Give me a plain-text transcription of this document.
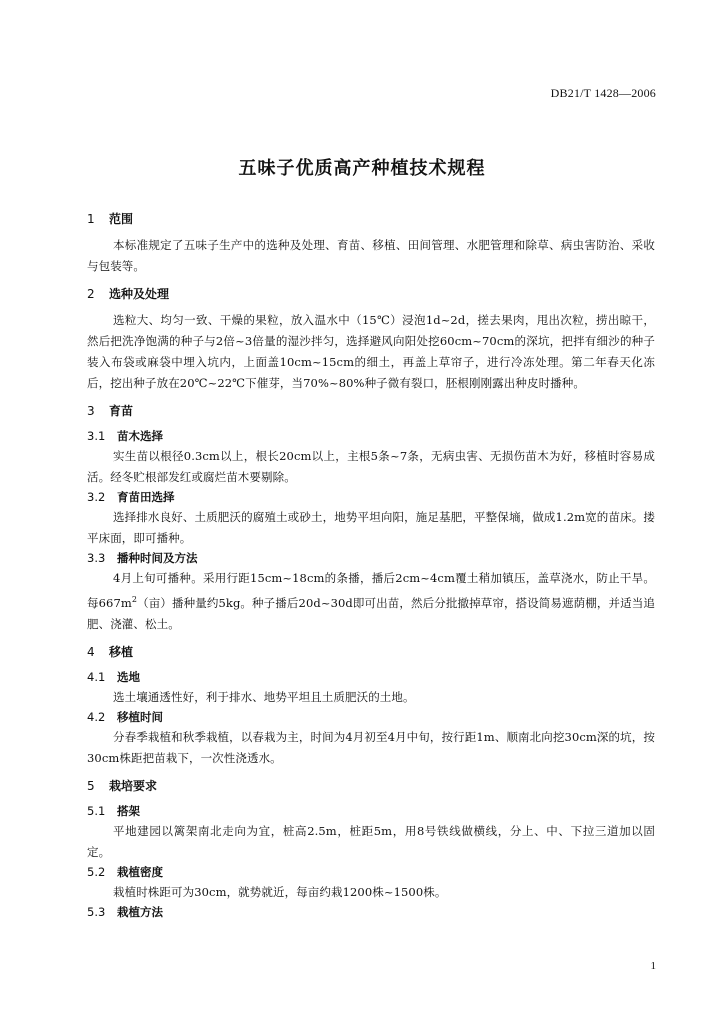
DB21/T 1428—2006
五味子优质高产种植技术规程
1 范围
本标准规定了五味子生产中的选种及处理、育苗、移植、田间管理、水肥管理和除草、病虫害防治、采收与包装等。
2 选种及处理
选粒大、均匀一致、干燥的果粒，放入温水中（15℃）浸泡1d~2d，搓去果肉，甩出次粒，捞出晾干，然后把洗净饱满的种子与2倍~3倍量的湿沙拌匀，选择避风向阳处挖60cm~70cm的深坑，把拌有细沙的种子装入布袋或麻袋中埋入坑内，上面盖10cm~15cm的细土，再盖上草帘子，进行冷冻处理。第二年春天化冻后，挖出种子放在20℃~22℃下催芽，当70%~80%种子微有裂口，胚根刚刚露出种皮时播种。
3 育苗
3.1 苗木选择
实生苗以根径0.3cm以上，根长20cm以上，主根5条~7条，无病虫害、无损伤苗木为好，移植时容易成活。经冬贮根部发红或腐烂苗木要剔除。
3.2 育苗田选择
选择排水良好、土质肥沃的腐殖土或砂土，地势平坦向阳，施足基肥，平整保墒，做成1.2m宽的苗床。搂平床面，即可播种。
3.3 播种时间及方法
4月上旬可播种。采用行距15cm~18cm的条播，播后2cm~4cm覆土稍加镇压，盖草浇水，防止干旱。每$667m^2$（亩）播种量约5kg。种子播后20d~30d即可出苗，然后分批撤掉草帘，搭设简易遮荫棚，并适当追肥、浇灌、松土。
4 移植
4.1 选地
选土壤通透性好，利于排水、地势平坦且土质肥沃的土地。
4.2 移植时间
分春季栽植和秋季栽植，以春栽为主，时间为4月初至4月中旬，按行距1m、顺南北向挖30cm深的坑，按30cm株距把苗栽下，一次性浇透水。
5 栽培要求
5.1 搭架
平地建园以篱架南北走向为宜，桩高2.5m，桩距5m，用8号铁线做横线，分上、中、下拉三道加以固定。
5.2 栽植密度
栽植时株距可为30cm，就势就近，每亩约栽1200株~1500株。
5.3 栽植方法
1
